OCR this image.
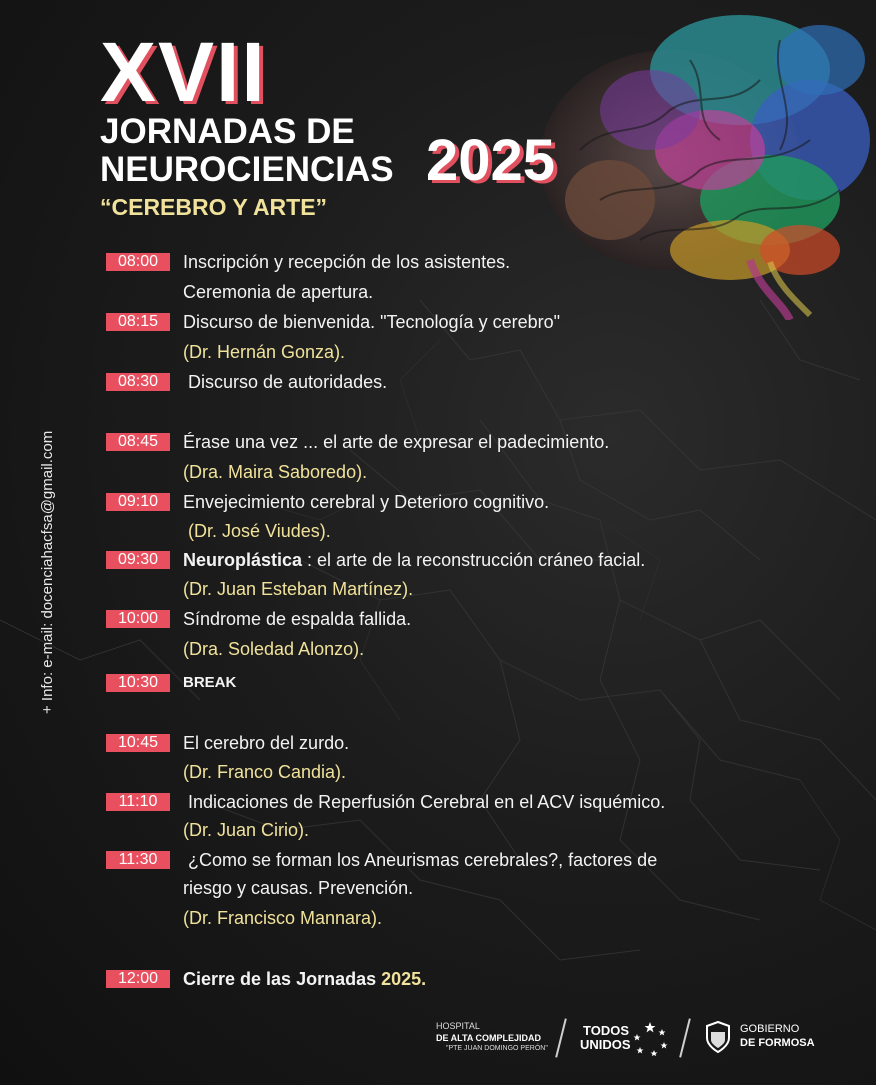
XVII
JORNADAS DE
NEUROCIENCIAS 2025
“CEREBRO Y ARTE”
+ Info: e-mail: docenciahacfsa@gmail.com
08:00	Inscripción y recepción de los asistentes.
Ceremonia de apertura.
08:15	Discurso de bienvenida. "Tecnología y cerebro"
(Dr. Hernán Gonza).
08:30	Discurso de autoridades.
08:45	Érase una vez ... el arte de expresar el padecimiento.
(Dra. Maira Saboredo).
09:10	Envejecimiento cerebral y Deterioro cognitivo.
(Dr. José Viudes).
09:30	Neuroplástica : el arte de la reconstrucción cráneo facial.
(Dr. Juan Esteban Martínez).
10:00	Síndrome de espalda fallida.
(Dra. Soledad Alonzo).
10:30	BREAK
10:45	El cerebro del zurdo.
(Dr. Franco Candia).
11:10	Indicaciones de Reperfusión Cerebral en el ACV isquémico.
(Dr. Juan Cirio).
11:30	¿Como se forman los Aneurismas cerebrales?, factores de
riesgo y causas. Prevención.
(Dr. Francisco Mannara).
12:00	Cierre de las Jornadas 2025.
HOSPITAL
DE ALTA COMPLEJIDAD
"PTE JUAN DOMINGO PERÓN"
TODOS
UNIDOS
GOBIERNO
DE FORMOSA
